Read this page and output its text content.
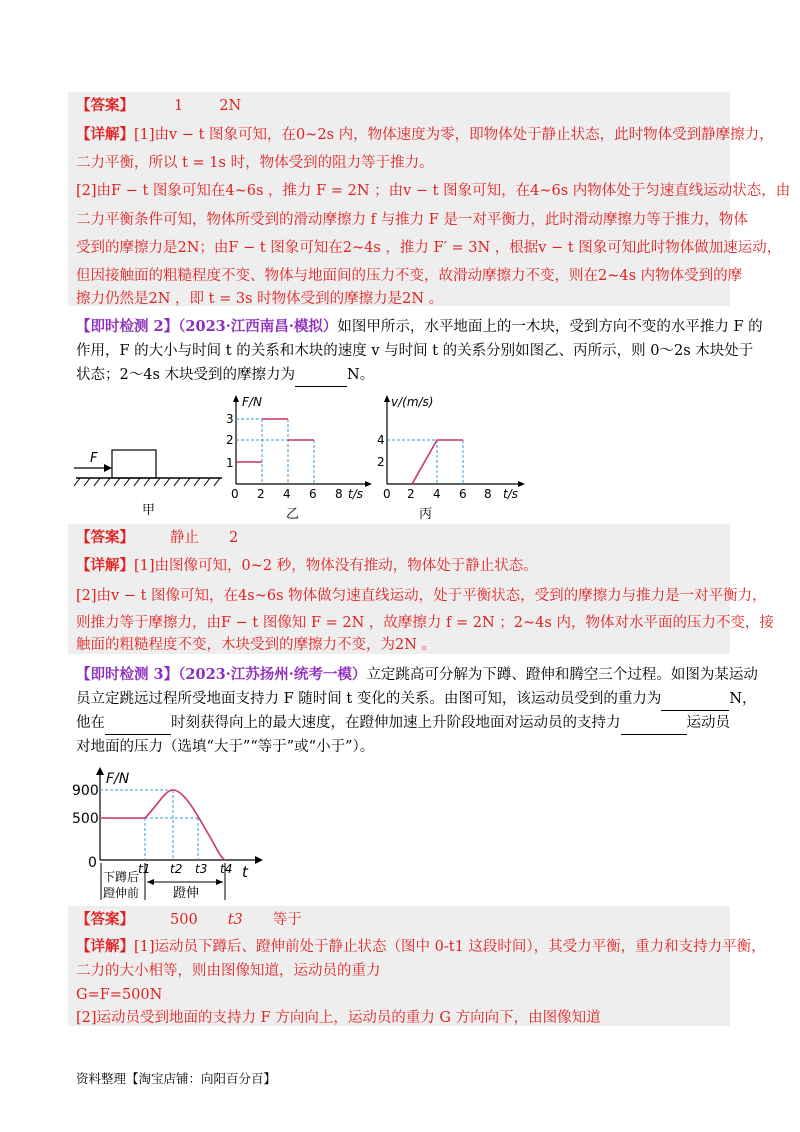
【答案】	1 2N
【详解】[1]由v − t 图象可知，在0~2s 内，物体速度为零，即物体处于静止状态，此时物体受到静摩擦力，
二力平衡，所以 t = 1s 时，物体受到的阻力等于推力。
[2]由F − t 图象可知在4~6s ，推力 F = 2N ；由v − t 图象可知，在4~6s 内物体处于匀速直线运动状态，由
二力平衡条件可知，物体所受到的滑动摩擦力 f 与推力 F 是一对平衡力，此时滑动摩擦力等于推力，物体
受到的摩擦力是2N；由F − t 图象可知在2~4s ，推力 F′ = 3N ，根据v − t 图象可知此时物体做加速运动，
但因接触面的粗糙程度不变、物体与地面间的压力不变，故滑动摩擦力不变，则在2~4s 内物体受到的摩
擦力仍然是2N ，即 t = 3s 时物体受到的摩擦力是2N 。
【即时检测 2】（2023·江西南昌·模拟）如图甲所示，水平地面上的一木块，受到方向不变的水平推力 F 的
作用，F 的大小与时间 t 的关系和木块的速度 v 与时间 t 的关系分别如图乙、丙所示，则 0～2s 木块处于
状态；2～4s 木块受到的摩擦力为	N。
F
甲
F/N
t/s
1
2
3
0 2 4 6 8
乙
v/(m/s)
t/s
2
4
0 2 4 6 8
丙
【答案】 静止 2
【详解】[1]由图像可知，0~2 秒，物体没有推动，物体处于静止状态。
[2]由v − t 图像可知，在4s~6s 物体做匀速直线运动，处于平衡状态，受到的摩擦力与推力是一对平衡力，
则推力等于摩擦力，由F − t 图像知 F = 2N ，故摩擦力 f = 2N ；2~4s 内，物体对水平面的压力不变，接
触面的粗糙程度不变，木块受到的摩擦力不变，为2N 。
【即时检测 3】（2023·江苏扬州·统考一模）立定跳高可分解为下蹲、蹬伸和腾空三个过程。如图为某运动
员立定跳远过程所受地面支持力 F 随时间 t 变化的关系。由图可知，该运动员受到的重力为	N，
他在	时刻获得向上的最大速度，在蹬伸加速上升阶段地面对运动员的支持力	运动员
对地面的压力（选填“大于”“等于”或“小于”）。
F/N
t
900
500
0	t1 t2 t3 t4
下蹲后
蹬伸前	蹬伸
【答案】 500 t3 等于
【详解】[1]运动员下蹲后、蹬伸前处于静止状态（图中 0-t1 这段时间），其受力平衡，重力和支持力平衡，
二力的大小相等，则由图像知道，运动员的重力
G=F=500N
[2]运动员受到地面的支持力 F 方向向上，运动员的重力 G 方向向下，由图像知道
资料整理【淘宝店铺：向阳百分百】
